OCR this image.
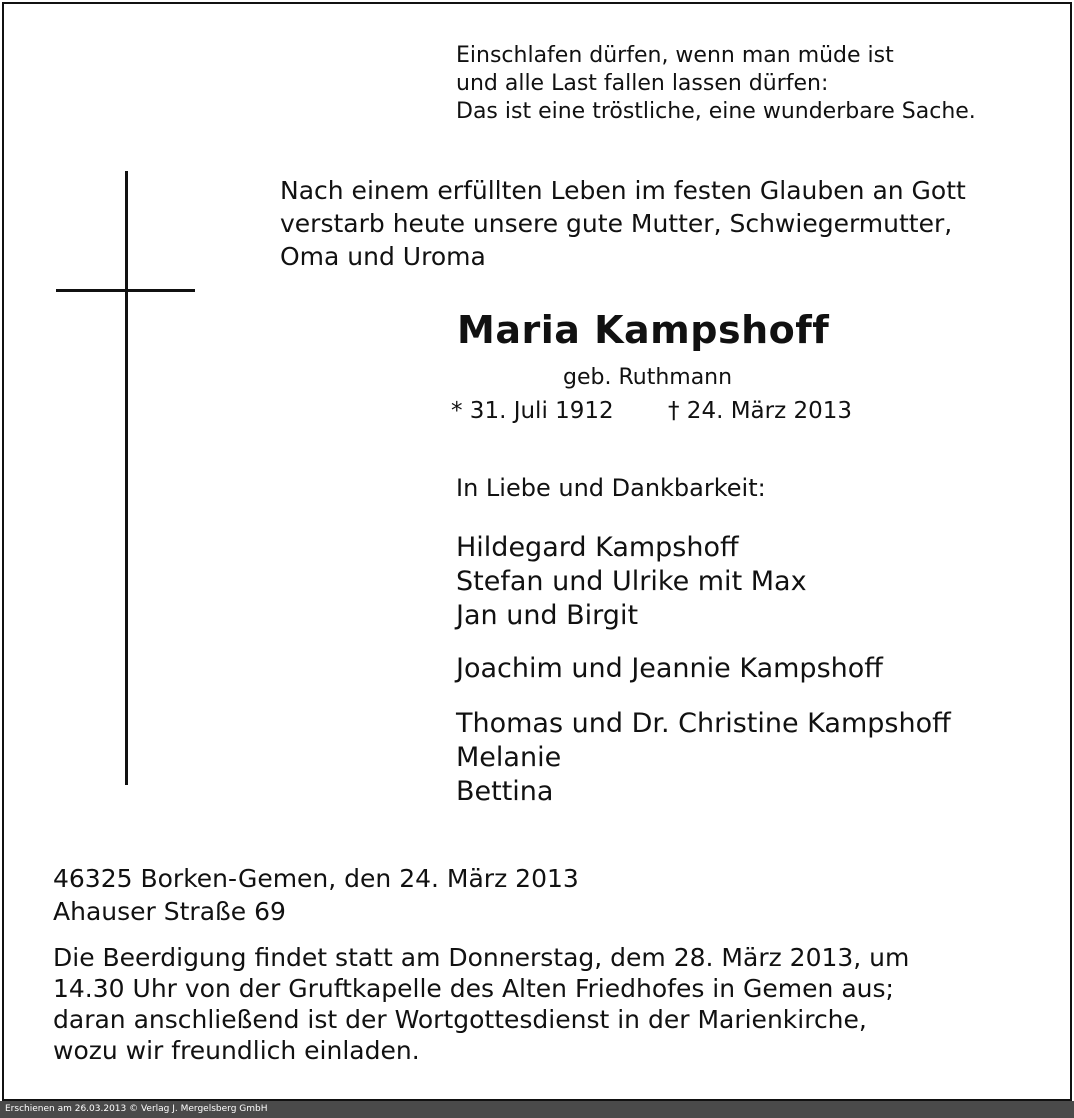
Einschlafen dürfen, wenn man müde ist
und alle Last fallen lassen dürfen:
Das ist eine tröstliche, eine wunderbare Sache.
Nach einem erfüllten Leben im festen Glauben an Gott
verstarb heute unsere gute Mutter, Schwiegermutter,
Oma und Uroma
Maria Kampshoff
geb. Ruthmann
* 31. Juli 1912 † 24. März 2013
In Liebe und Dankbarkeit:
Hildegard Kampshoff
Stefan und Ulrike mit Max
Jan und Birgit
Joachim und Jeannie Kampshoff
Thomas und Dr. Christine Kampshoff
Melanie
Bettina
46325 Borken-Gemen, den 24. März 2013
Ahauser Straße 69
Die Beerdigung findet statt am Donnerstag, dem 28. März 2013, um
14.30 Uhr von der Gruftkapelle des Alten Friedhofes in Gemen aus;
daran anschließend ist der Wortgottesdienst in der Marienkirche,
wozu wir freundlich einladen.
Erschienen am 26.03.2013 © Verlag J. Mergelsberg GmbH
